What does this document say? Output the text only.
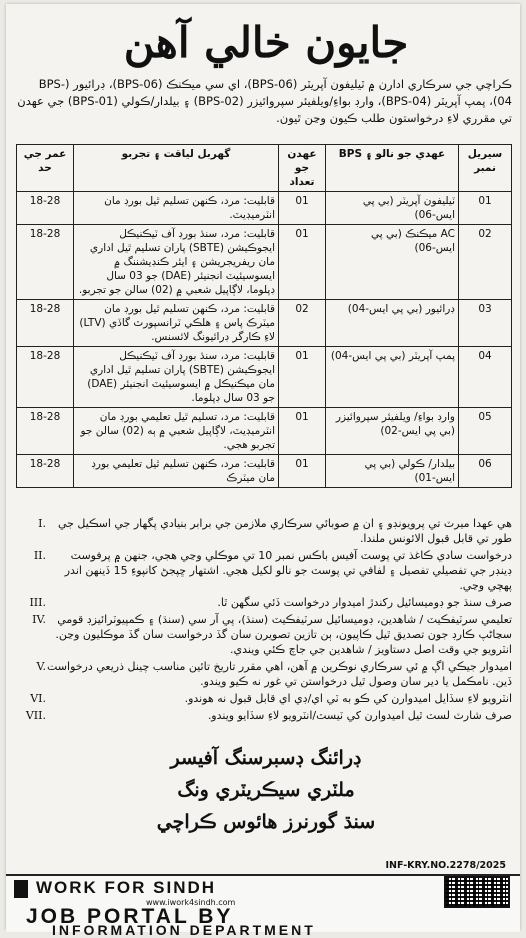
جايون خالي آهن
ڪراچي جي سرڪاري ادارن ۾ ٽيليفون آپريٽر (BPS-06)، اي سي ميڪنڪ (BPS-06)، ڊرائيور (BPS-04)، پمپ آپريٽر (BPS-04)، وارڊ بواءِ/ويلفيئر سپروائيزر (BPS-02) ۽ بيلدار/ڪولي (BPS-01) جي عهدن تي مقرري لاءِ درخواستون طلب ڪيون وڃن ٿيون.
سيريل نمبر	عهدي جو نالو ۽ BPS	عهدن جو تعداد	گهربل لياقت ۽ تجربو	عمر جي حد
01	ٽيليفون آپريٽر (بي پي ايس-06)	01	قابليت: مرد، ڪنهن تسليم ٿيل بورڊ مان انٽرميڊيٽ.	18-28
02	AC ميڪنڪ (بي پي ايس-06)	01	قابليت: مرد، سنڌ بورڊ آف ٽيڪنيڪل ايجوڪيشن (SBTE) پاران تسليم ٿيل اداري مان ريفريجريشن ۽ ايئر ڪنڊيشننگ ۾ ايسوسيئيٽ انجنيئر (DAE) جو 03 سال ڊپلوما، لاڳاپيل شعبي ۾ (02) سالن جو تجربو.	18-28
03	ڊرائيور (بي پي ايس-04)	02	قابليت: مرد، ڪنهن تسليم ٿيل بورڊ مان ميٽرڪ پاس ۽ هلڪي ٽرانسپورٽ گاڏي (LTV) لاءِ ڪارگر ڊرائيونگ لائسنس.	18-28
04	پمپ آپريٽر (بي پي ايس-04)	01	قابليت: مرد، سنڌ بورڊ آف ٽيڪنيڪل ايجوڪيشن (SBTE) پاران تسليم ٿيل اداري مان ميڪنيڪل ۾ ايسوسيئيٽ انجنيئر (DAE) جو 03 سال ڊپلوما.	18-28
05	وارڊ بواءِ/ ويلفيئر سپروائيزر (بي پي ايس-02)	01	قابليت: مرد، تسليم ٿيل تعليمي بورڊ مان انٽرميڊيٽ، لاڳاپيل شعبي ۾ ٻه (02) سالن جو تجربو هجي.	18-28
06	بيلدار/ ڪولي (بي پي ايس-01)	01	قابليت: مرد، ڪنهن تسليم ٿيل تعليمي بورڊ مان ميٽرڪ	18-28
I.	هي عهدا ميرٽ تي پرويونڊو ۽ ان ۾ صوبائي سرڪاري ملازمن جي برابر بنيادي پگهار جي اسڪيل جي طور تي قابل قبول الائونس ملندا.
II.	درخواست سادي ڪاغذ تي پوسٽ آفيس باڪس نمبر 10 تي موڪلي وڃي هجي، جنهن ۾ پرفوسٽ ڊينڊر جي تفصيلي تفصيل ۽ لفافي تي پوسٽ جو نالو لکيل هجي. اشتهار ڇپجڻ کانپوءِ 15 ڏينهن اندر پهچي وڃي.
III.	صرف سنڌ جو ڊوميسائيل رکندڙ اميدوار درخواست ڏئي سگهن ٿا.
IV.	تعليمي سرٽيفڪيٽ / شاهدين، ڊوميسائيل سرٽيفڪيٽ (سنڌ)، پي آر سي (سنڌ) ۽ ڪمپيوٽرائيزڊ قومي سڃاڻپ ڪارڊ جون تصديق ٿيل ڪاپيون، ٻن تازين تصويرن سان گڏ درخواست سان گڏ موڪليون وڃن. انٽرويو جي وقت اصل دستاويز / شاهدين جي جاچ ڪئي ويندي.
V. اميدوار جيڪي اڳ ۾ ئي سرڪاري نوڪرين ۾ آهن، اهي مقرر تاريخ تائين مناسب چينل ذريعي درخواست ڏين. نامڪمل يا دير سان وصول ٿيل درخواستن تي غور نه ڪيو ويندو.
VI.	انٽرويو لاءِ سڏايل اميدوارن کي ڪو به ٽي اي/ڊي اي قابل قبول نه هوندو.
VII.	صرف شارٽ لسٽ ٿيل اميدوارن کي ٽيسٽ/انٽرويو لاءِ سڏايو ويندو.
ڊرائنگ ڊسبرسنگ آفيسر
ملٽري سيڪريٽري ونگ
سنڌ گورنرز هائوس ڪراچي
INF-KRY.NO.2278/2025
WORK FOR SINDH
www.iwork4sindh.com
JOB PORTAL BY
INFORMATION DEPARTMENT
